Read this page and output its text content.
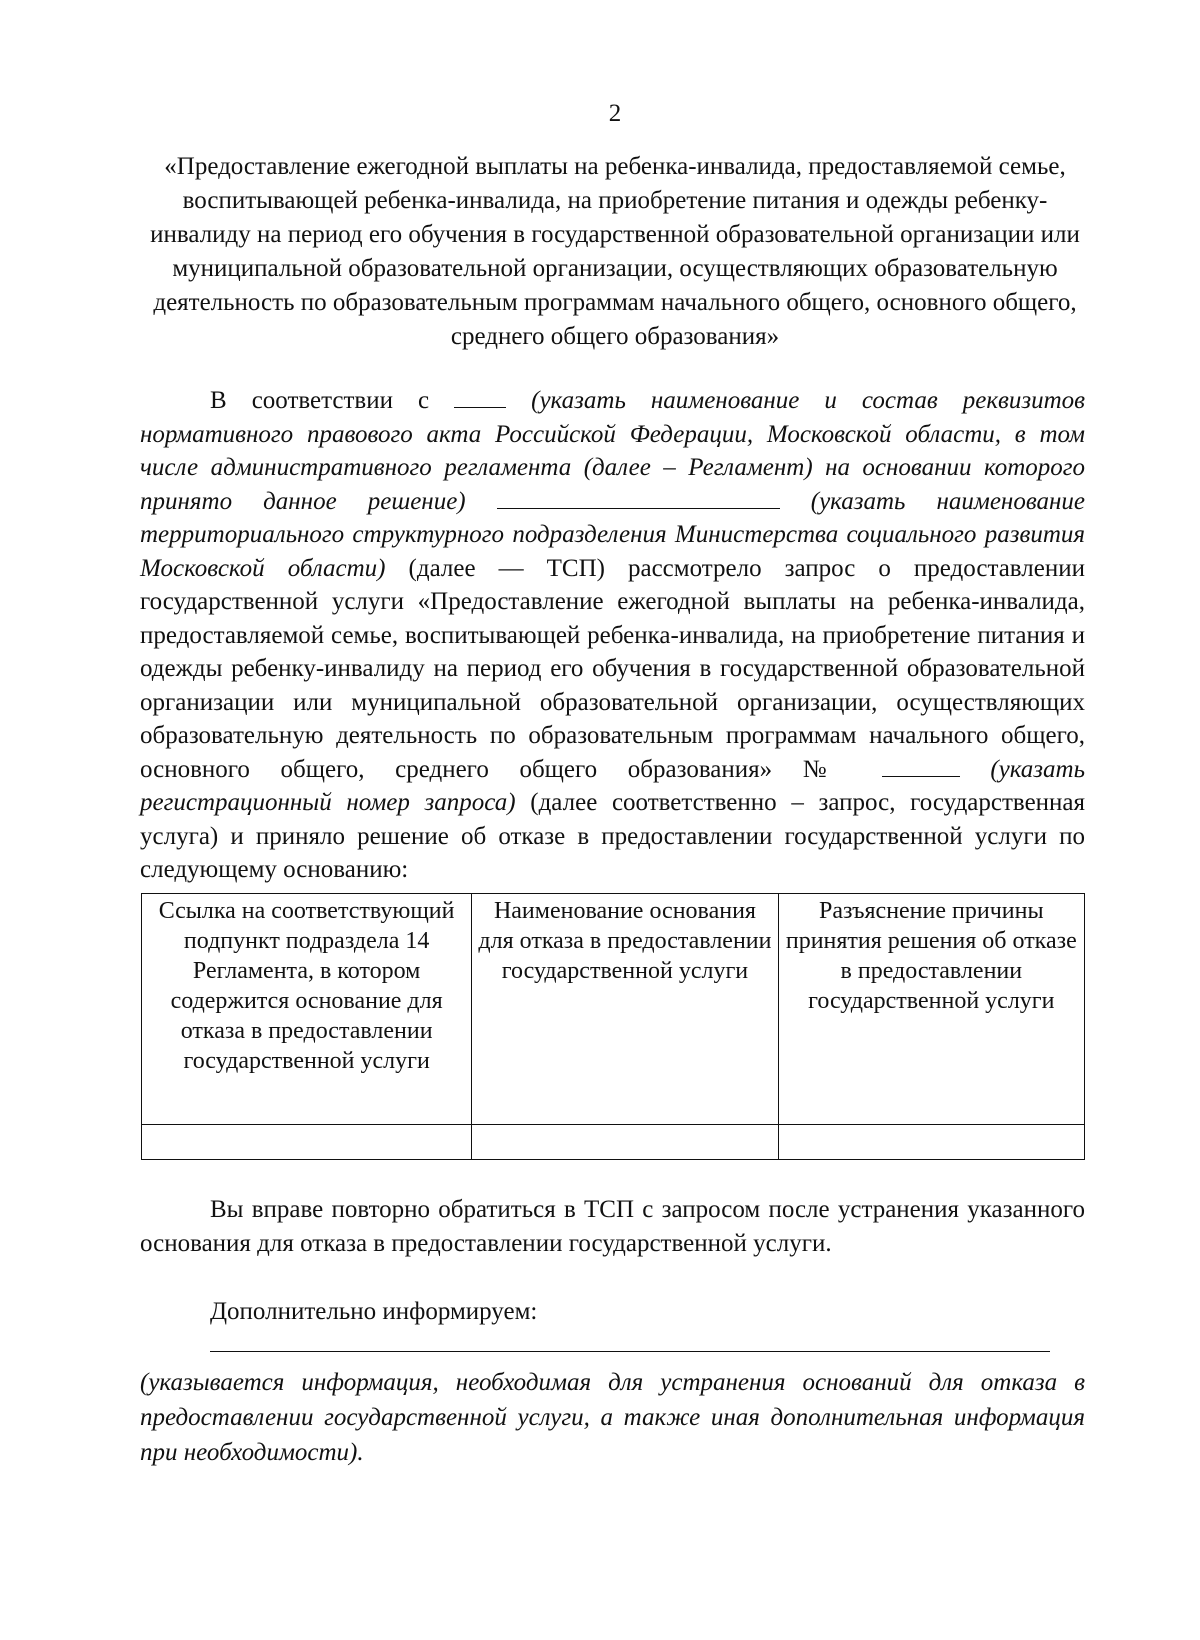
2
«Предоставление ежегодной выплаты на ребенка-инвалида, предоставляемой семье, воспитывающей ребенка-инвалида, на приобретение питания и одежды ребенку-инвалиду на период его обучения в государственной образовательной организации или муниципальной образовательной организации, осуществляющих образовательную деятельность по образовательным программам начального общего, основного общего, среднего общего образования»
В соответствии с	(указать наименование и состав реквизитов нормативного правового акта Российской Федерации, Московской области, в том числе административного регламента (далее – Регламент) на основании которого принято данное решение)	(указать наименование территориального структурного подразделения Министерства социального развития Московской области) (далее — ТСП) рассмотрело запрос о предоставлении государственной услуги «Предоставление ежегодной выплаты на ребенка-инвалида, предоставляемой семье, воспитывающей ребенка-инвалида, на приобретение питания и одежды ребенку-инвалиду на период его обучения в государственной образовательной организации или муниципальной образовательной организации, осуществляющих образовательную деятельность по образовательным программам начального общего, основного общего, среднего общего образования» №	(указать регистрационный номер запроса) (далее соответственно – запрос, государственная услуга) и приняло решение об отказе в предоставлении государственной услуги по следующему основанию:
Ссылка на соответствующий подпункт подраздела 14 Регламента, в котором содержится основание для отказа в предоставлении государственной услуги	Наименование основания для отказа в предоставлении государственной услуги	Разъяснение причины принятия решения об отказе в предоставлении государственной услуги

Вы вправе повторно обратиться в ТСП с запросом после устранения указанного основания для отказа в предоставлении государственной услуги.
Дополнительно информируем:
(указывается информация, необходимая для устранения оснований для отказа в предоставлении государственной услуги, а также иная дополнительная информация при необходимости).
